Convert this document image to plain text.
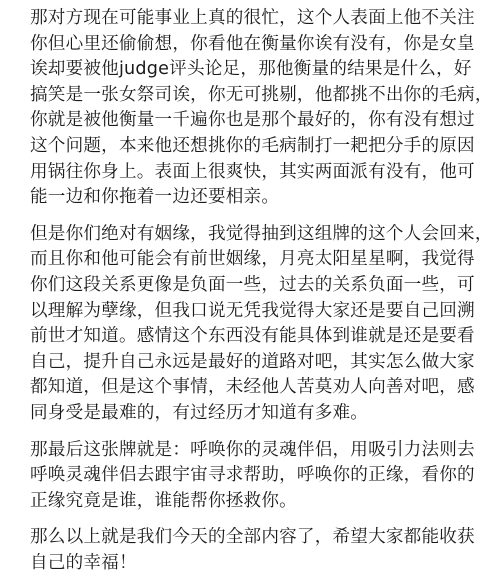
那对方现在可能事业上真的很忙，这个人表面上他不关注
你但心里还偷偷想，你看他在衡量你诶有没有，你是女皇
诶却要被他judge评头论足，那他衡量的结果是什么，好
搞笑是一张女祭司诶，你无可挑剔，他都挑不出你的毛病，
你就是被他衡量一千遍你也是那个最好的，你有没有想过
这个问题，本来他还想挑你的毛病制打一耙把分手的原因
用锅往你身上。表面上很爽快，其实两面派有没有，他可
能一边和你拖着一边还要相亲。
但是你们绝对有姻缘，我觉得抽到这组牌的这个人会回来，
而且你和他可能会有前世姻缘，月亮太阳星星啊，我觉得
你们这段关系更像是负面一些，过去的关系负面一些，可
以理解为孽缘，但我口说无凭我觉得大家还是要自己回溯
前世才知道。感情这个东西没有能具体到谁就是还是要看
自己，提升自己永远是最好的道路对吧，其实怎么做大家
都知道，但是这个事情，未经他人苦莫劝人向善对吧，感
同身受是最难的，有过经历才知道有多难。
那最后这张牌就是：呼唤你的灵魂伴侣，用吸引力法则去
呼唤灵魂伴侣去跟宇宙寻求帮助，呼唤你的正缘，看你的
正缘究竟是谁，谁能帮你拯救你。
那么以上就是我们今天的全部内容了，希望大家都能收获
自己的幸福！
